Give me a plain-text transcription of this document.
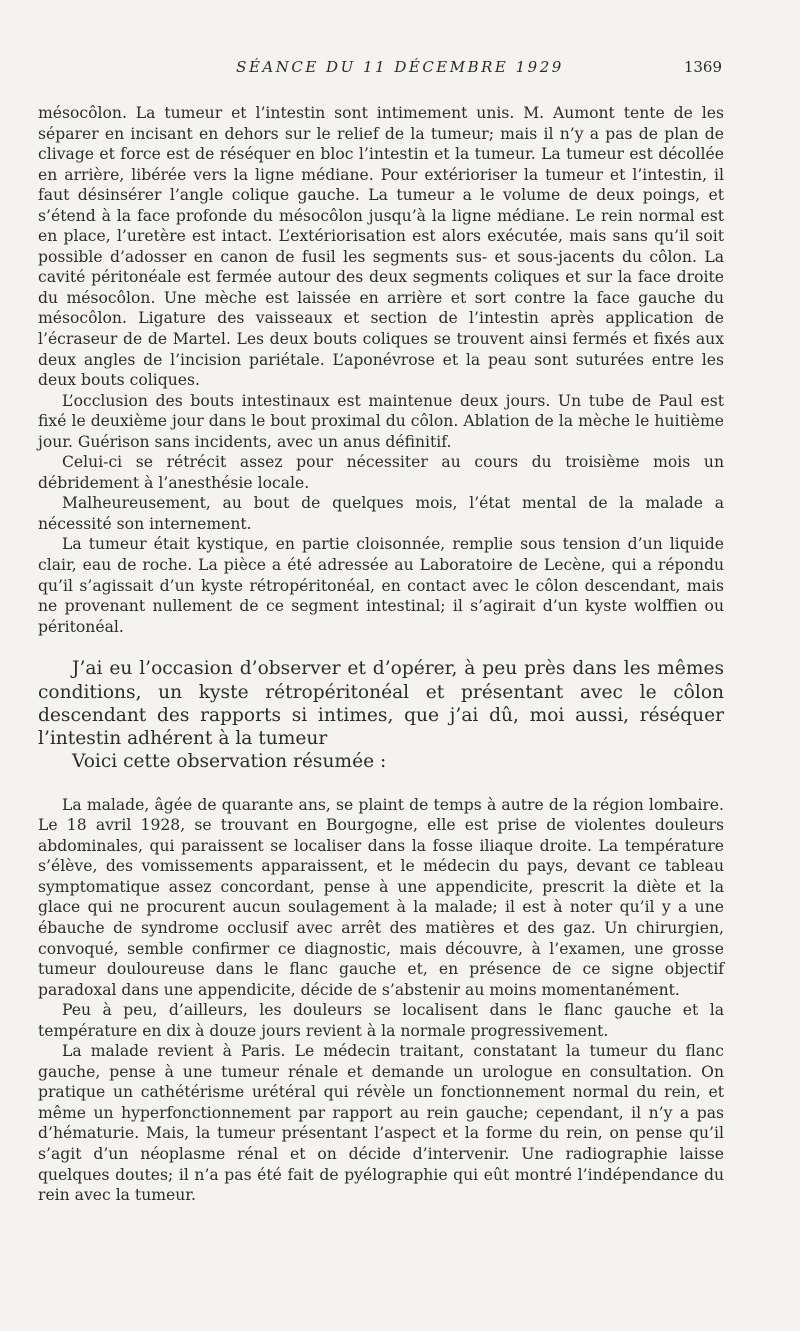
SÉANCE DU 11 DÉCEMBRE 1929	1369

mésocôlon. La tumeur et l’intestin sont intimement unis. M. Aumont tente de les séparer en incisant en dehors sur le relief de la tumeur; mais il n’y a pas de plan de clivage et force est de réséquer en bloc l’intestin et la tumeur. La tumeur est décollée en arrière, libérée vers la ligne médiane. Pour extérioriser la tumeur et l’intestin, il faut désinsérer l’angle colique gauche. La tumeur a le volume de deux poings, et s’étend à la face profonde du mésocôlon jusqu’à la ligne médiane. Le rein normal est en place, l’uretère est intact. L’extériorisation est alors exécutée, mais sans qu’il soit possible d’adosser en canon de fusil les segments sus- et sous-jacents du côlon. La cavité péritonéale est fermée autour des deux segments coliques et sur la face droite du mésocôlon. Une mèche est laissée en arrière et sort contre la face gauche du mésocôlon. Ligature des vaisseaux et section de l’intestin après application de l’écraseur de de Martel. Les deux bouts coliques se trouvent ainsi fermés et fixés aux deux angles de l’incision pariétale. L’aponévrose et la peau sont suturées entre les deux bouts coliques.

L’occlusion des bouts intestinaux est maintenue deux jours. Un tube de Paul est fixé le deuxième jour dans le bout proximal du côlon. Ablation de la mèche le huitième jour. Guérison sans incidents, avec un anus définitif.

Celui-ci se rétrécit assez pour nécessiter au cours du troisième mois un débridement à l’anesthésie locale.

Malheureusement, au bout de quelques mois, l’état mental de la malade a nécessité son internement.

La tumeur était kystique, en partie cloisonnée, remplie sous tension d’un liquide clair, eau de roche. La pièce a été adressée au Laboratoire de Lecène, qui a répondu qu’il s’agissait d’un kyste rétropéritonéal, en contact avec le côlon descendant, mais ne provenant nullement de ce segment intestinal; il s’agirait d’un kyste wolffien ou péritonéal.

J’ai eu l’occasion d’observer et d’opérer, à peu près dans les mêmes conditions, un kyste rétropéritonéal et présentant avec le côlon descendant des rapports si intimes, que j’ai dû, moi aussi, réséquer l’intestin adhérent à la tumeur

Voici cette observation résumée :

La malade, âgée de quarante ans, se plaint de temps à autre de la région lombaire. Le 18 avril 1928, se trouvant en Bourgogne, elle est prise de violentes douleurs abdominales, qui paraissent se localiser dans la fosse iliaque droite. La température s’élève, des vomissements apparaissent, et le médecin du pays, devant ce tableau symptomatique assez concordant, pense à une appendicite, prescrit la diète et la glace qui ne procurent aucun soulagement à la malade; il est à noter qu’il y a une ébauche de syndrome occlusif avec arrêt des matières et des gaz. Un chirurgien, convoqué, semble confirmer ce diagnostic, mais découvre, à l’examen, une grosse tumeur douloureuse dans le flanc gauche et, en présence de ce signe objectif paradoxal dans une appendicite, décide de s’abstenir au moins momentanément.

Peu à peu, d’ailleurs, les douleurs se localisent dans le flanc gauche et la température en dix à douze jours revient à la normale progressivement.

La malade revient à Paris. Le médecin traitant, constatant la tumeur du flanc gauche, pense à une tumeur rénale et demande un urologue en consultation. On pratique un cathétérisme urétéral qui révèle un fonctionnement normal du rein, et même un hyperfonctionnement par rapport au rein gauche; cependant, il n’y a pas d’hématurie. Mais, la tumeur présentant l’aspect et la forme du rein, on pense qu’il s’agit d’un néoplasme rénal et on décide d’intervenir. Une radiographie laisse quelques doutes; il n’a pas été fait de pyélographie qui eût montré l’indépendance du rein avec la tumeur.
